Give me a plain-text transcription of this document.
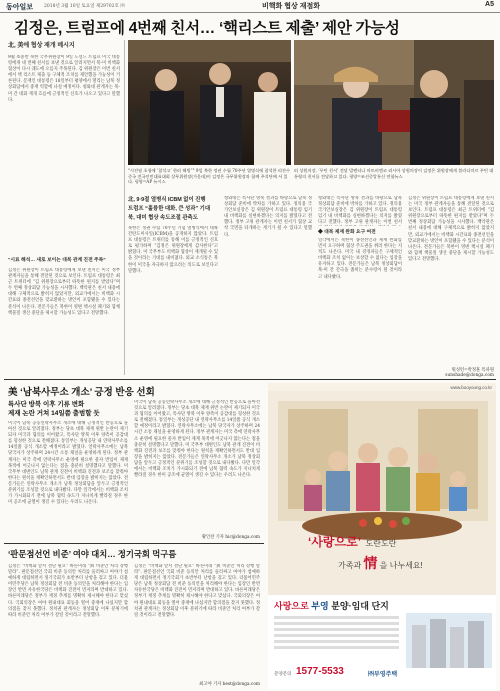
동아일보 2018년 3월 10일 토요일 제29702호 ㈜	비핵화 협상 재점화	A5
김정은, 트럼프에 4번째 친서… ‘핵리스트 제출’ 제안 가능성
北, 美에 협상 재개 메시지
9월 초중반 북한 국무위원장이 9일 도널드 트럼프 미국 대통령에게 네 번째 친서를 보낸 것으로 알려지면서 북-미 비핵화 협상이 다시 궤도에 오를지 주목된다. 김 위원장은 이번 친서에서 핵 리스트 제출 등 구체적 조치를 제안했을 가능성이 거론된다. 문재인 대통령은 18일부터 평양에서 열리는 남북 정상회담에서 중재 역할에 나설 예정이다. 청와대 관계자는 북-미 간 대화 재개 흐름에 긍정적인 신호가 나오고 있다고 말했다.
“시료 해석… 새로 보이는 대북 관계 진전 주목”
김정은 위원장이 트럼프 대통령에게 보낸 친서는 미국 정부 관계자들을 통해 전달된 것으로 보인다. 트럼프 대통령은 최근 트위터에 “김 위원장으로부터 따뜻한 편지를 받았다”며 두 번째 정상회담 가능성을 시사했다. 백악관은 친서 내용에 대해 구체적으로 밝히지 않았지만, 외교가에서는 비핵화 시간표와 종전선언을 맞교환하는 방안이 포함됐을 수 있다는 분석이 나온다. 전문가들은 북한이 영변 핵시설 폐기와 함께 핵물질 생산 중단을 제시할 가능성도 있다고 전망했다.
"시진핑 초청에 ‘참석고’ 한러 해빙”" 9일 북한 정권 수립 70주년 열병식에 참석한 리잔수 중국 전국인민대표대회 상무위원장(가운데)이 김정은 국무위원장과 함께 주석단에 서 있다. 평양=AP 뉴시스
러 상원의장, ‘푸틴 친서’ 전달 발렌티나 마트비엔코 러시아 상원의장이 김정은 위원장에게 블라디미르 푸틴 대통령의 친서를 전달하고 있다. 평양=조선중앙통신 연합뉴스
北, 9·9절 열병식 ICBM 없이 진행
트럼프 “훌륭한 대화, 큰 성과” 기대
북, 대미 협상 속도조절 관측도
북한은 정권 수립 70주년 기념 열병식에서 대륙간탄도미사일(ICBM)을 공개하지 않았다. 트럼프 대통령은 트위터를 통해 이를 긍정적인 신호로 평가하며 “김정은 위원장에게 감사한다”고 밝혔다. 미 국무부도 비핵화 협상이 재개될 수 있을 것이라는 기대를 내비쳤다. 외교 소식통은 북한이 미국을 자극하지 않으려는 의도로 보인다고 말했다.
청와대는 특사단 방북 결과를 바탕으로 남북 정상회담 준비에 박차를 가하고 있다. 정의용 국가안보실장은 김 위원장이 트럼프 대통령 임기 내 비핵화를 실현하겠다는 의지를 밝혔다고 전했다. 정부 고위 관계자는 이번 친서가 협상 교착 국면을 타개하는 계기가 될 수 있다고 말했다.
청와대는 특사단 방북 결과를 바탕으로 남북 정상회담 준비에 박차를 가하고 있다. 정의용 국가안보실장은 김 위원장이 트럼프 대통령 임기 내 비핵화를 실현하겠다는 의지를 밝혔다고 전했다. 정부 고위 관계자는 이번 친서
◆ 대북 제재 완화 요구 여전
일각에서는 북한이 종전선언과 제재 완화를 먼저 요구하며 협상 주도권을 쥐려 한다는 지적도 나온다. 미국 내 강경파들은 구체적인 비핵화 조치 없이는 보상할 수 없다는 입장을 유지하고 있다. 전문가들은 남북 정상회담이 북-미 간 간극을 좁히는 분수령이 될 것이라고 내다봤다.
김정은 위원장이 트럼프 대통령에게 보낸 친서는 미국 정부 관계자들을 통해 전달된 것으로 보인다. 트럼프 대통령은 최근 트위터에 “김 위원장으로부터 따뜻한 편지를 받았다”며 두 번째 정상회담 가능성을 시사했다. 백악관은 친서 내용에 대해 구체적으로 밝히지 않았지만, 외교가에서는 비핵화 시간표와 종전선언을 맞교환하는 방안이 포함됐을 수 있다는 분석이 나온다. 전문가들은 북한이 영변 핵시설 폐기와 함께 핵물질 생산 중단을 제시할 가능성도 있다고 전망했다.
워싱턴=박정훈 특파원 sunshade@donga.com
美 ‘남북사무소 개소’ 긍정 반응 선회
특사단 방북 이후 기류 변화
제재 논란 거쳐 14일쯤 출범할 듯
미국이 남북 공동연락사무소 개소에 대해 긍정적인 반응으로 돌아선 것으로 알려졌다. 정부는 당초 대북 제재 위반 논란이 제기되자 미국과 협의를 이어왔고, 특사단 방북 이후 양측이 공감대를 형성한 것으로 전해졌다. 통일부는 개성공단 내 연락사무소를 14일쯤 공식 개소할 예정이라고 밝혔다. 연락사무소에는 남북 당국자가 상주하며 24시간 소통 채널을 운영하게 된다. 정부 관계자는 미국 측에 연락사무소 운영에 필요한 물자 반입이 제재 목적에 어긋나지 않는다는 점을 충분히 설명했다고 말했다. 미 국무부 대변인도 남북 관계 진전이 비핵화 진전과 보조를 맞춰야 한다는 원칙을 재확인하면서도 반대 입장을 밝히지는 않았다. 전문가들은 연락사무소 개소가 남북 정상회담을 앞두고 긍정적인 분위기를 조성할 것으로 내다봤다. 다만 일각에서는 비핵화 조치가 가시화되기 전에 남북 협력 속도가 지나치게 빨라질 경우 한미 공조에 균열이 생길 수 있다는 우려도 나온다.
미국이 남북 공동연락사무소 개소에 대해 긍정적인 반응으로 돌아선 것으로 알려졌다. 정부는 당초 대북 제재 위반 논란이 제기되자 미국과 협의를 이어왔고, 특사단 방북 이후 양측이 공감대를 형성한 것으로 전해졌다. 통일부는 개성공단 내 연락사무소를 14일쯤 공식 개소할 예정이라고 밝혔다. 연락사무소에는 남북 당국자가 상주하며 24시간 소통 채널을 운영하게 된다. 정부 관계자는 미국 측에 연락사무소 운영에 필요한 물자 반입이 제재 목적에 어긋나지 않는다는 점을 충분히 설명했다고 말했다. 미 국무부 대변인도 남북 관계 진전이 비핵화 진전과 보조를 맞춰야 한다는 원칙을 재확인하면서도 반대 입장을 밝히지는 않았다. 전문가들은 연락사무소 개소가 남북 정상회담을 앞두고 긍정적인 분위기를 조성할 것으로 내다봤다. 다만 일각에서는 비핵화 조치가 가시화되기 전에 남북 협력 속도가 지나치게 빨라질 경우 한미 공조에 균열이 생길 수 있다는 우려도 나온다.
황인찬 기자 hic@donga.com
‘판문점선언 비준’ 여야 대치… 정기국회 먹구름
김정은 “비핵화 앞서 결단 필요” 바른미래 “與 비준안 처리 강행 말라”. 판문점선언 국회 비준 동의안 처리를 둘러싸고 여야가 첨예하게 대립하면서 정기국회가 초반부터 난항을 겪고 있다. 더불어민주당은 남북 정상회담 전 비준 동의안을 처리해야 한다는 입장인 반면 자유한국당은 비핵화 진전이 먼저라며 반대하고 있다. 바른미래당은 정부가 재정 추계를 명확히 제시해야 한다고 맞섰다. 국회의장은 여야 원내대표 회동을 열어 중재에 나섰지만 합의점을 찾지 못했다. 정치권 관계자는 정상회담 이후 분위기에 따라 비준안 처리 여부가 갈릴 것이라고 전망했다.
김정은 “비핵화 앞서 결단 필요” 바른미래 “與 비준안 처리 강행 말라”. 판문점선언 국회 비준 동의안 처리를 둘러싸고 여야가 첨예하게 대립하면서 정기국회가 초반부터 난항을 겪고 있다. 더불어민주당은 남북 정상회담 전 비준 동의안을 처리해야 한다는 입장인 반면 자유한국당은 비핵화 진전이 먼저라며 반대하고 있다. 바른미래당은 정부가 재정 추계를 명확히 제시해야 한다고 맞섰다. 국회의장은 여야 원내대표 회동을 열어 중재에 나섰지만 합의점을 찾지 못했다. 정치권 관계자는 정상회담 이후 분위기에 따라 비준안 처리 여부가 갈릴 것이라고 전망했다.
최고야 기자 best@donga.com
www.booyoung.co.kr
‘사랑으로’ 도란도란
가족과 情 을 나누세요!
사랑으로 부영 분양·임대 단지
분양문의 1577-5533	㈜부영주택
